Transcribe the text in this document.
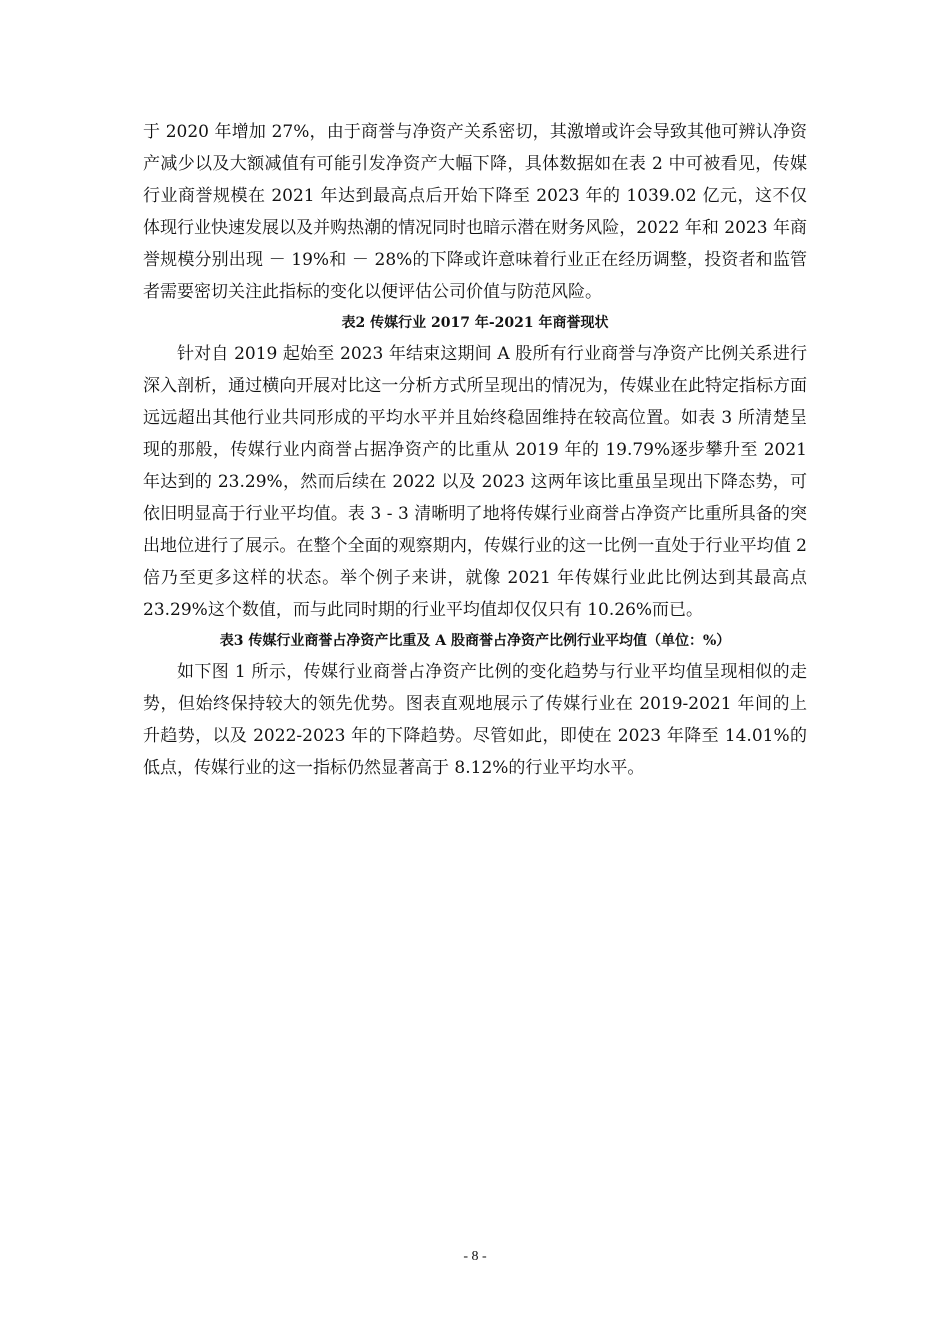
于 2020 年增加 27%，由于商誉与净资产关系密切，其激增或许会导致其他可辨认净资产减少以及大额减值有可能引发净资产大幅下降，具体数据如在表 2 中可被看见，传媒行业商誉规模在 2021 年达到最高点后开始下降至 2023 年的 1039.02 亿元，这不仅体现行业快速发展以及并购热潮的情况同时也暗示潜在财务风险，2022 年和 2023 年商誉规模分别出现 － 19%和 － 28%的下降或许意味着行业正在经历调整，投资者和监管者需要密切关注此指标的变化以便评估公司价值与防范风险。

表2 传媒行业 2017 年-2021 年商誉现状

针对自 2019 起始至 2023 年结束这期间 A 股所有行业商誉与净资产比例关系进行深入剖析，通过横向开展对比这一分析方式所呈现出的情况为，传媒业在此特定指标方面远远超出其他行业共同形成的平均水平并且始终稳固维持在较高位置。如表 3 所清楚呈现的那般，传媒行业内商誉占据净资产的比重从 2019 年的 19.79%逐步攀升至 2021 年达到的 23.29%，然而后续在 2022 以及 2023 这两年该比重虽呈现出下降态势，可依旧明显高于行业平均值。表 3 - 3 清晰明了地将传媒行业商誉占净资产比重所具备的突出地位进行了展示。在整个全面的观察期内，传媒行业的这一比例一直处于行业平均值 2 倍乃至更多这样的状态。举个例子来讲，就像 2021 年传媒行业此比例达到其最高点 23.29%这个数值，而与此同时期的行业平均值却仅仅只有 10.26%而已。

表3 传媒行业商誉占净资产比重及 A 股商誉占净资产比例行业平均值（单位：%）

如下图 1 所示，传媒行业商誉占净资产比例的变化趋势与行业平均值呈现相似的走势，但始终保持较大的领先优势。图表直观地展示了传媒行业在 2019-2021 年间的上升趋势，以及 2022-2023 年的下降趋势。尽管如此，即使在 2023 年降至 14.01%的低点，传媒行业的这一指标仍然显著高于 8.12%的行业平均水平。

- 8 -
